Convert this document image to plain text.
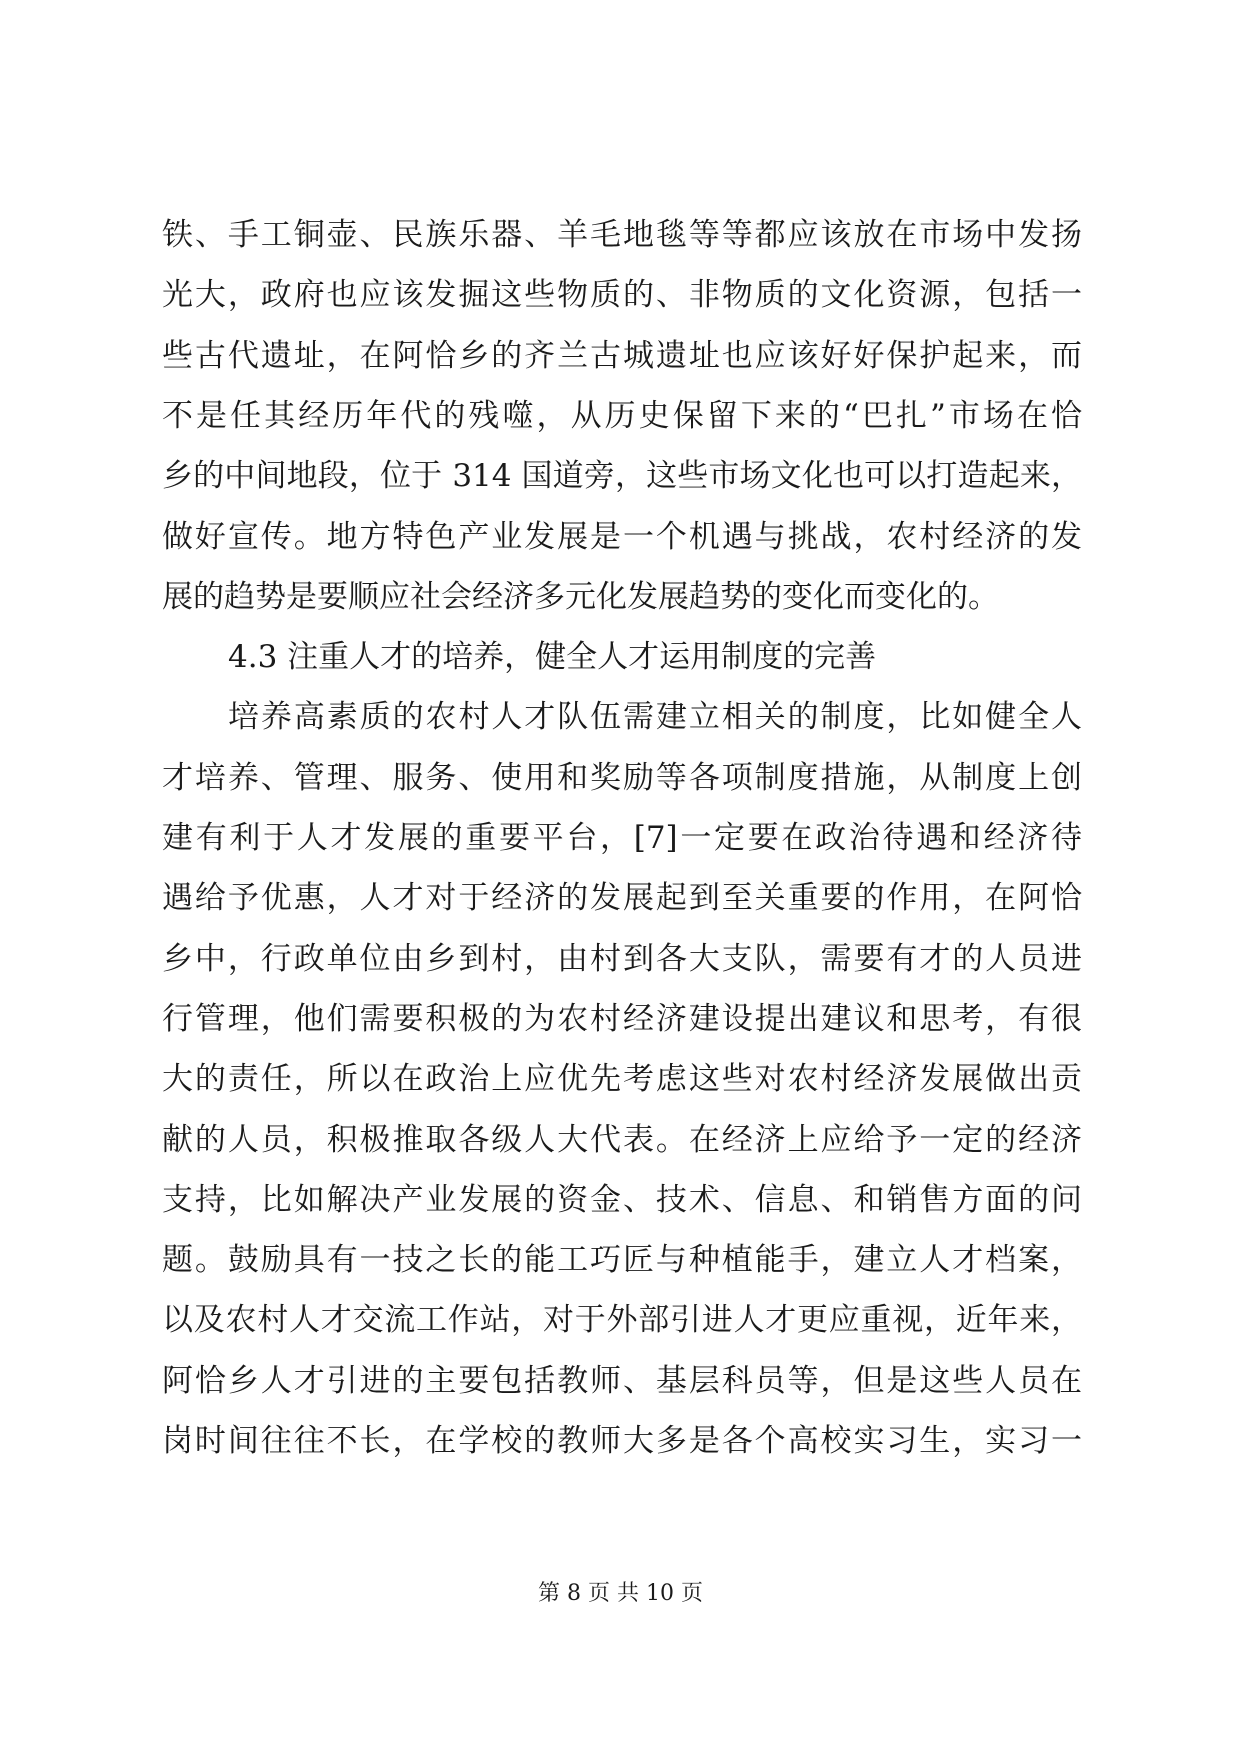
铁、手工铜壶、民族乐器、羊毛地毯等等都应该放在市场中发扬
光大，政府也应该发掘这些物质的、非物质的文化资源，包括一
些古代遗址，在阿恰乡的齐兰古城遗址也应该好好保护起来，而
不是任其经历年代的残噬，从历史保留下来的“巴扎”市场在恰
乡的中间地段，位于 314 国道旁，这些市场文化也可以打造起来，
做好宣传。地方特色产业发展是一个机遇与挑战，农村经济的发
展的趋势是要顺应社会经济多元化发展趋势的变化而变化的。
4.3 注重人才的培养，健全人才运用制度的完善
培养高素质的农村人才队伍需建立相关的制度，比如健全人
才培养、管理、服务、使用和奖励等各项制度措施，从制度上创
建有利于人才发展的重要平台，[7]一定要在政治待遇和经济待
遇给予优惠，人才对于经济的发展起到至关重要的作用，在阿恰
乡中，行政单位由乡到村，由村到各大支队，需要有才的人员进
行管理，他们需要积极的为农村经济建设提出建议和思考，有很
大的责任，所以在政治上应优先考虑这些对农村经济发展做出贡
献的人员，积极推取各级人大代表。在经济上应给予一定的经济
支持，比如解决产业发展的资金、技术、信息、和销售方面的问
题。鼓励具有一技之长的能工巧匠与种植能手，建立人才档案，
以及农村人才交流工作站，对于外部引进人才更应重视，近年来，
阿恰乡人才引进的主要包括教师、基层科员等，但是这些人员在
岗时间往往不长，在学校的教师大多是各个高校实习生，实习一
第 8 页 共 10 页
